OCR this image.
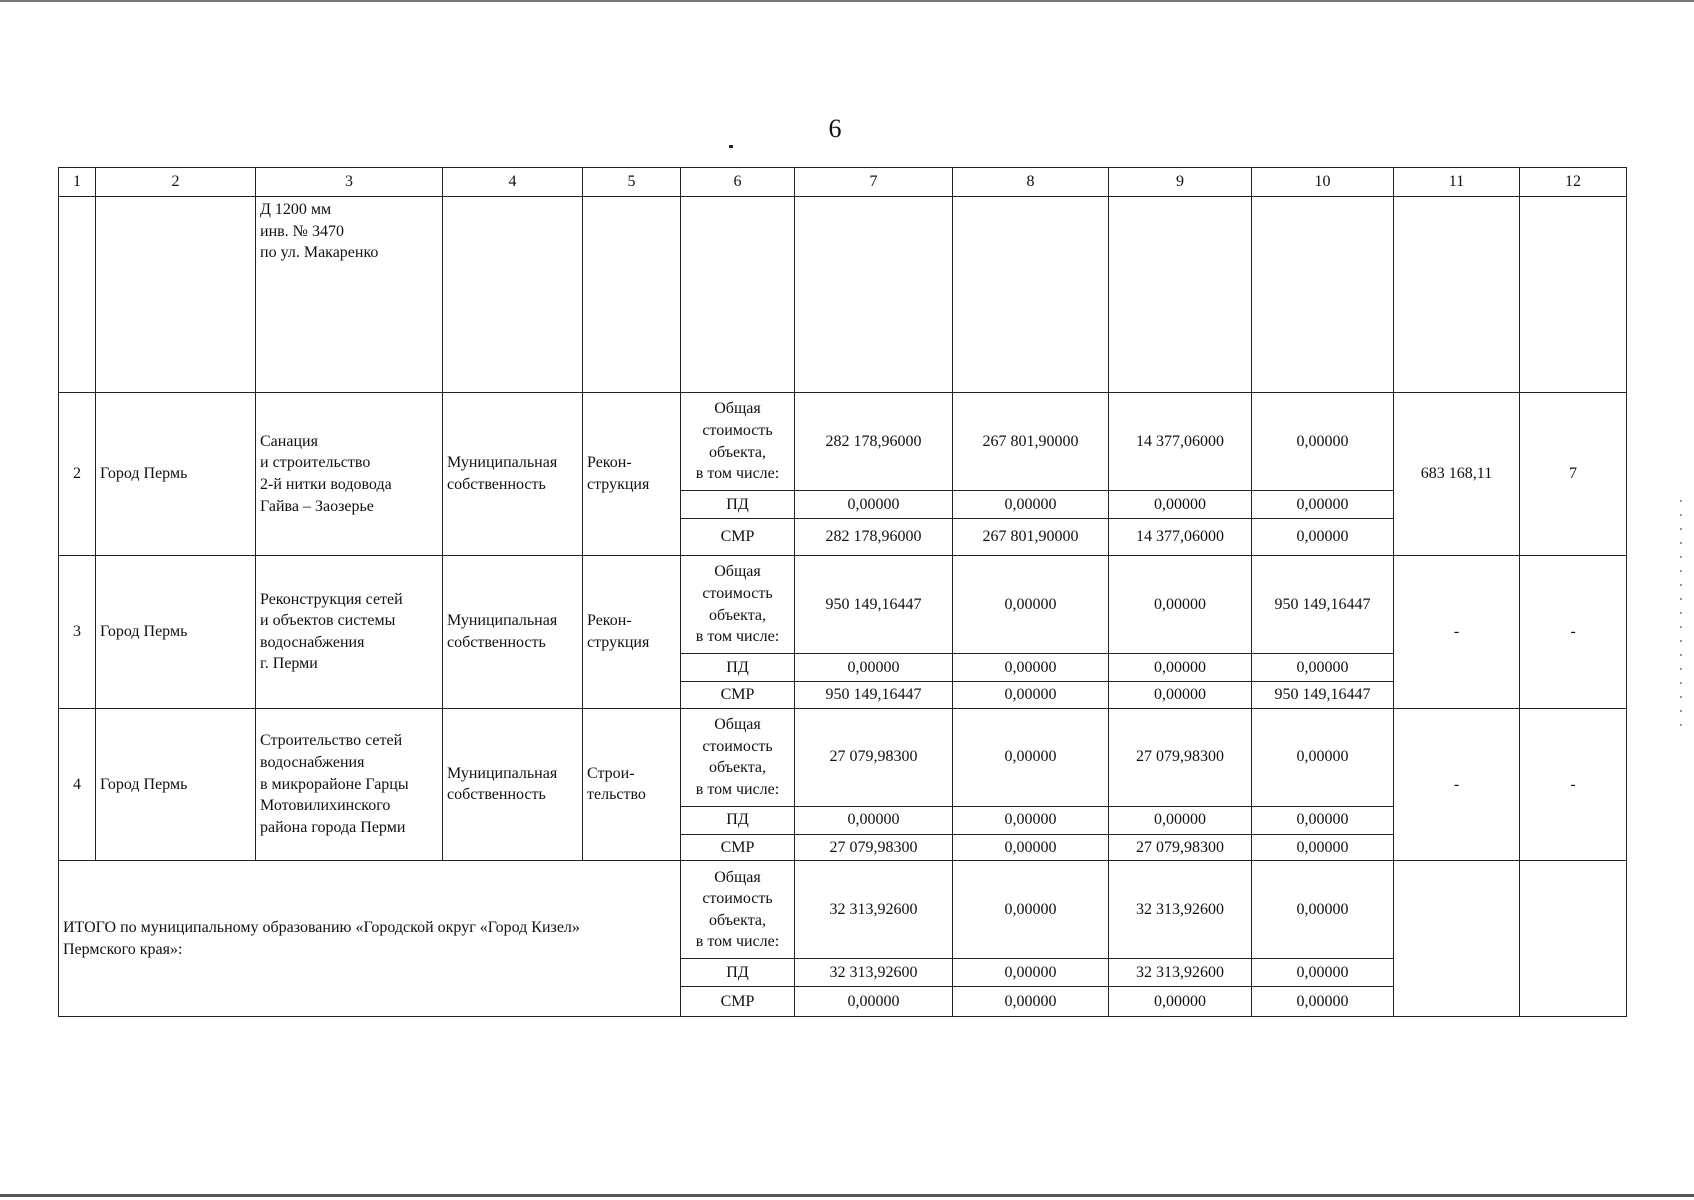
6
1	2	3	4	5	6	7	8	9	10	11	12
		Д 1200 мм
инв. № 3470
по ул. Макаренко									
2	Город Пермь	Санация
и строительство
2-й нитки водовода
Гайва – Заозерье	Муниципальная
собственность	Рекон-
струкция	Общая
стоимость
объекта,
в том числе:	282 178,96000	267 801,90000	14 377,06000	0,00000	683 168,11	7
					ПД	0,00000	0,00000	0,00000	0,00000		
					СМР	282 178,96000	267 801,90000	14 377,06000	0,00000		
3	Город Пермь	Реконструкция сетей
и объектов системы
водоснабжения
г. Перми	Муниципальная
собственность	Рекон-
струкция	Общая
стоимость
объекта,
в том числе:	950 149,16447	0,00000	0,00000	950 149,16447	-	-
					ПД	0,00000	0,00000	0,00000	0,00000		
					СМР	950 149,16447	0,00000	0,00000	950 149,16447		
4	Город Пермь	Строительство сетей
водоснабжения
в микрорайоне Гарцы
Мотовилихинского
района города Перми	Муниципальная
собственность	Строи-
тельство	Общая
стоимость
объекта,
в том числе:	27 079,98300	0,00000	27 079,98300	0,00000	-	-
					ПД	0,00000	0,00000	0,00000	0,00000		
					СМР	27 079,98300	0,00000	27 079,98300	0,00000		
ИТОГО по муниципальному образованию «Городской округ «Город Кизел»
Пермского края»:					Общая
стоимость
объекта,
в том числе:	32 313,92600	0,00000	32 313,92600	0,00000		
					ПД	32 313,92600	0,00000	32 313,92600	0,00000		
					СМР	0,00000	0,00000	0,00000	0,00000		
